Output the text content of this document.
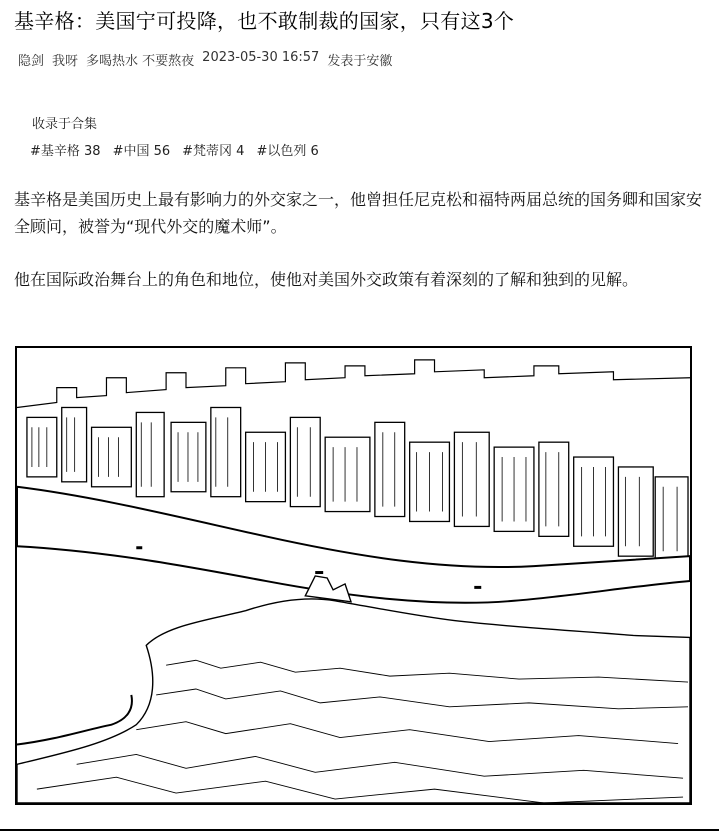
基辛格：美国宁可投降，也不敢制裁的国家，只有这3个
隐剑 我呀 多喝热水 不要熬夜 2023-05-30 16:57 发表于安徽
收录于合集
#基辛格 38 #中国 56 #梵蒂冈 4 #以色列 6

基辛格是美国历史上最有影响力的外交家之一，他曾担任尼克松和福特两届总统的国务卿和国家安全顾问，被誉为“现代外交的魔术师”。

他在国际政治舞台上的角色和地位，使他对美国外交政策有着深刻的了解和独到的见解。
